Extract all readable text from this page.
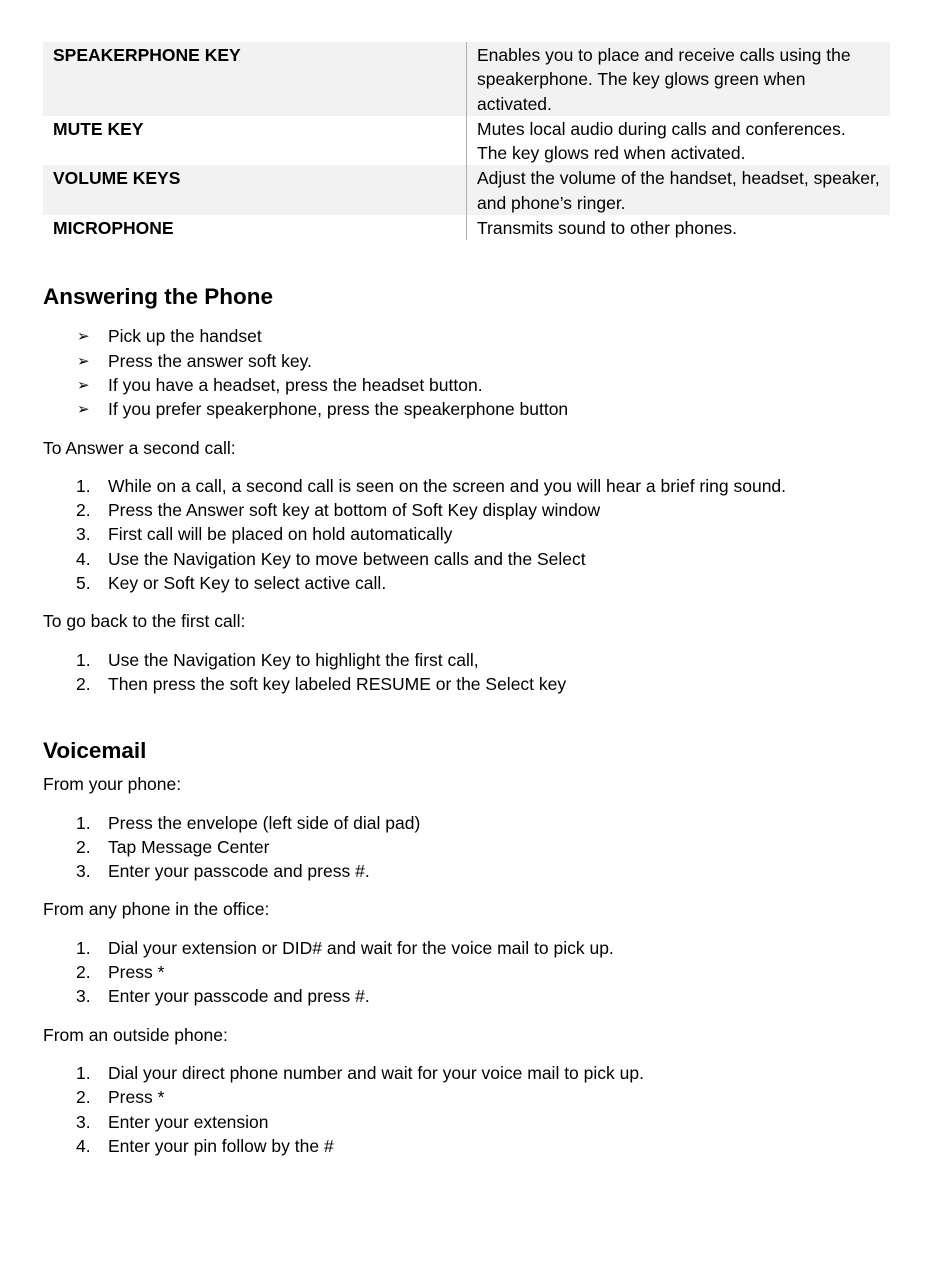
SPEAKERPHONE KEY	Enables you to place and receive calls using the speakerphone. The key glows green when activated.
MUTE KEY	Mutes local audio during calls and conferences. The key glows red when activated.
VOLUME KEYS	Adjust the volume of the handset, headset, speaker, and phone’s ringer.
MICROPHONE	Transmits sound to other phones.
Answering the Phone
➢ Pick up the handset
➢ Press the answer soft key.
➢ If you have a headset, press the headset button.
➢ If you prefer speakerphone, press the speakerphone button

To Answer a second call:

1. While on a call, a second call is seen on the screen and you will hear a brief ring sound.
2. Press the Answer soft key at bottom of Soft Key display window
3. First call will be placed on hold automatically
4. Use the Navigation Key to move between calls and the Select
5. Key or Soft Key to select active call.

To go back to the first call:

1. Use the Navigation Key to highlight the first call,
2. Then press the soft key labeled RESUME or the Select key
Voicemail

From your phone:

1. Press the envelope (left side of dial pad)
2. Tap Message Center
3. Enter your passcode and press #.

From any phone in the office:

1. Dial your extension or DID# and wait for the voice mail to pick up.
2. Press *
3. Enter your passcode and press #.

From an outside phone:

1. Dial your direct phone number and wait for your voice mail to pick up.
2. Press *
3. Enter your extension
4. Enter your pin follow by the #
